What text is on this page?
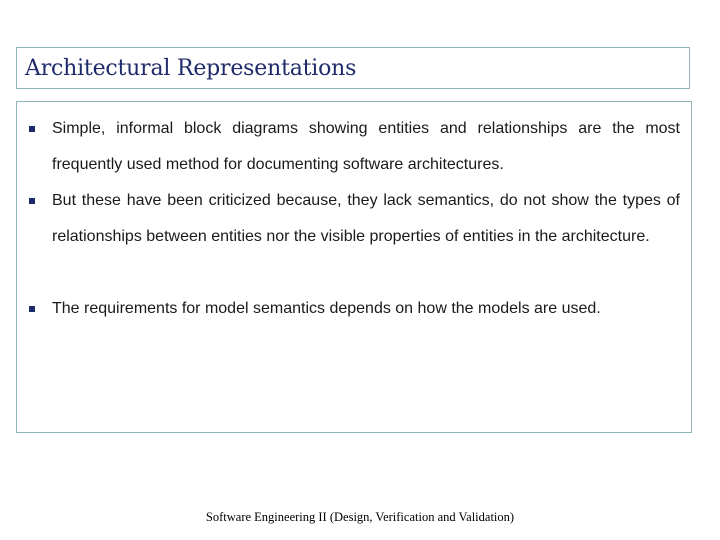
Architectural Representations
Simple, informal block diagrams showing entities and relationships are the most frequently used method for documenting software architectures.
But these have been criticized because, they lack semantics, do not show the types of relationships between entities nor the visible properties of entities in the architecture.
The requirements for model semantics depends on how the models are used.
Software Engineering II (Design, Verification and Validation)
